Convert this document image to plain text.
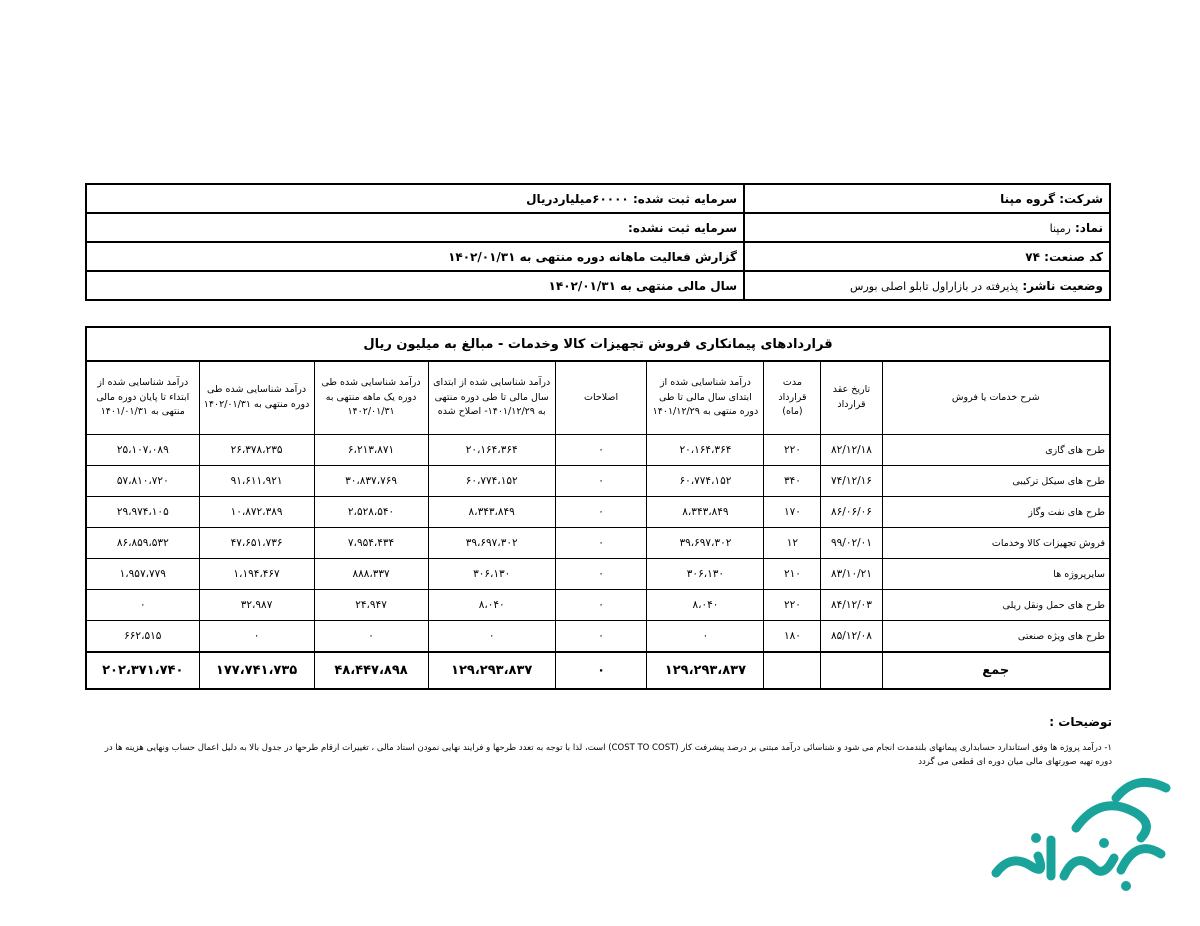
شرکت: گروه مپنا	سرمایه ثبت شده: ۶۰۰۰۰میلیاردریال
نماد: رمپنا	سرمایه ثبت نشده:
کد صنعت: ۷۴	گزارش فعالیت ماهانه دوره منتهی به ۱۴۰۲/۰۱/۳۱
وضعیت ناشر: پذیرفته در بازاراول تابلو اصلی بورس	سال مالی منتهی به ۱۴۰۲/۰۱/۳۱
قراردادهای پیمانکاری فروش تجهیزات کالا وخدمات - مبالغ به میلیون ریال								
شرح خدمات یا فروش	تاریخ عقد قرارداد	مدت قرارداد (ماه)	درآمد شناسایی شده از ابتدای سال مالی تا طی دوره منتهی به ۱۴۰۱/۱۲/۲۹	اصلاحات	درآمد شناسایی شده از ابتدای سال مالی تا طی دوره منتهی به ۱۴۰۱/۱۲/۲۹- اصلاح شده	درآمد شناسایی شده طی دوره یک ماهه منتهی به ۱۴۰۲/۰۱/۳۱	درآمد شناسایی شده طی دوره منتهی به ۱۴۰۲/۰۱/۳۱	درآمد شناسایی شده از ابتداء تا پایان دوره مالی منتهی به ۱۴۰۱/۰۱/۳۱
طرح های گازی	۸۲/۱۲/۱۸	۲۲۰	۲۰،۱۶۴،۳۶۴	۰	۲۰،۱۶۴،۳۶۴	۶،۲۱۳،۸۷۱	۲۶،۳۷۸،۲۳۵	۲۵،۱۰۷،۰۸۹
طرح های سیکل ترکیبی	۷۴/۱۲/۱۶	۳۴۰	۶۰،۷۷۴،۱۵۲	۰	۶۰،۷۷۴،۱۵۲	۳۰،۸۳۷،۷۶۹	۹۱،۶۱۱،۹۲۱	۵۷،۸۱۰،۷۲۰
طرح های نفت وگاز	۸۶/۰۶/۰۶	۱۷۰	۸،۳۴۳،۸۴۹	۰	۸،۳۴۳،۸۴۹	۲،۵۲۸،۵۴۰	۱۰،۸۷۲،۳۸۹	۲۹،۹۷۴،۱۰۵
فروش تجهیزات کالا وخدمات	۹۹/۰۲/۰۱	۱۲	۳۹،۶۹۷،۳۰۲	۰	۳۹،۶۹۷،۳۰۲	۷،۹۵۴،۴۳۴	۴۷،۶۵۱،۷۳۶	۸۶،۸۵۹،۵۳۲
سایرپروژه ها	۸۳/۱۰/۲۱	۲۱۰	۳۰۶،۱۳۰	۰	۳۰۶،۱۳۰	۸۸۸،۳۳۷	۱،۱۹۴،۴۶۷	۱،۹۵۷،۷۷۹
طرح های حمل ونقل ریلی	۸۴/۱۲/۰۳	۲۲۰	۸،۰۴۰	۰	۸،۰۴۰	۲۴،۹۴۷	۳۲،۹۸۷	۰
طرح های ویژه صنعتی	۸۵/۱۲/۰۸	۱۸۰	۰	۰	۰	۰	۰	۶۶۲،۵۱۵
جمع			۱۲۹،۲۹۳،۸۳۷	۰	۱۲۹،۲۹۳،۸۳۷	۴۸،۴۴۷،۸۹۸	۱۷۷،۷۴۱،۷۳۵	۲۰۲،۳۷۱،۷۴۰
توضیحات :
۱- درآمد پروژه ها وفق استاندارد حسابداری پیمانهای بلندمدت انجام می شود و شناسائی درآمد مبتنی بر درصد پیشرفت کار (COST TO COST) است، لذا با توجه به تعدد طرحها و فرایند نهایی نمودن اسناد مالی ، تغییرات ارقام طرحها در جدول بالا به دلیل اعمال حساب ونهایی هزینه ها در دوره تهیه صورتهای مالی میان دوره ای قطعی می گردد
